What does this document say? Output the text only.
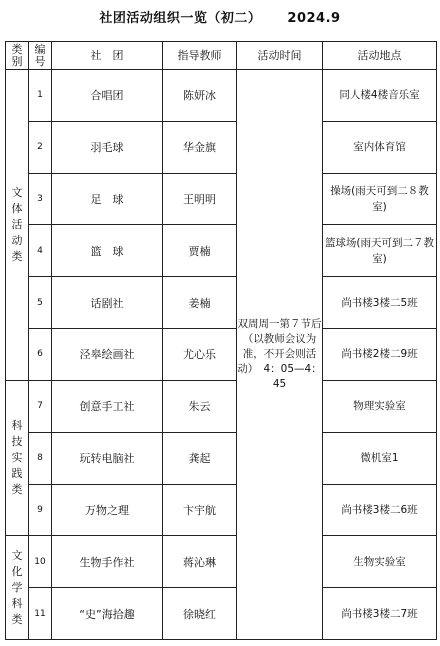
社团活动组织一览（初二） 2024.9
类
别	编
号	社　团	指导教师	活动时间	活动地点

文
体
活
动
类	1	合唱团	陈妍冰	双周周一第７节后（以教师会议为准，不开会则活动）　4：05—4：45	同人楼4楼音乐室
	2	羽毛球	华金旗		室内体育馆
	3	足　球	王明明		操场(雨天可到二８教室)
	4	篮　球	贾楠		篮球场(雨天可到二７教室)
	5	话剧社	姜楠		尚书楼3楼二5班
	6	泾皋绘画社	尤心乐		尚书楼2楼二9班

科
技
实
践
类	7	创意手工社	朱云		物理实验室
	8	玩转电脑社	龚起		微机室1
	9	万物之理	卞宇航		尚书楼3楼二6班

文
化
学
科
类	10	生物手作社	蒋沁琳		生物实验室
	11	“史”海拾趣	徐晓红		尚书楼3楼二7班
